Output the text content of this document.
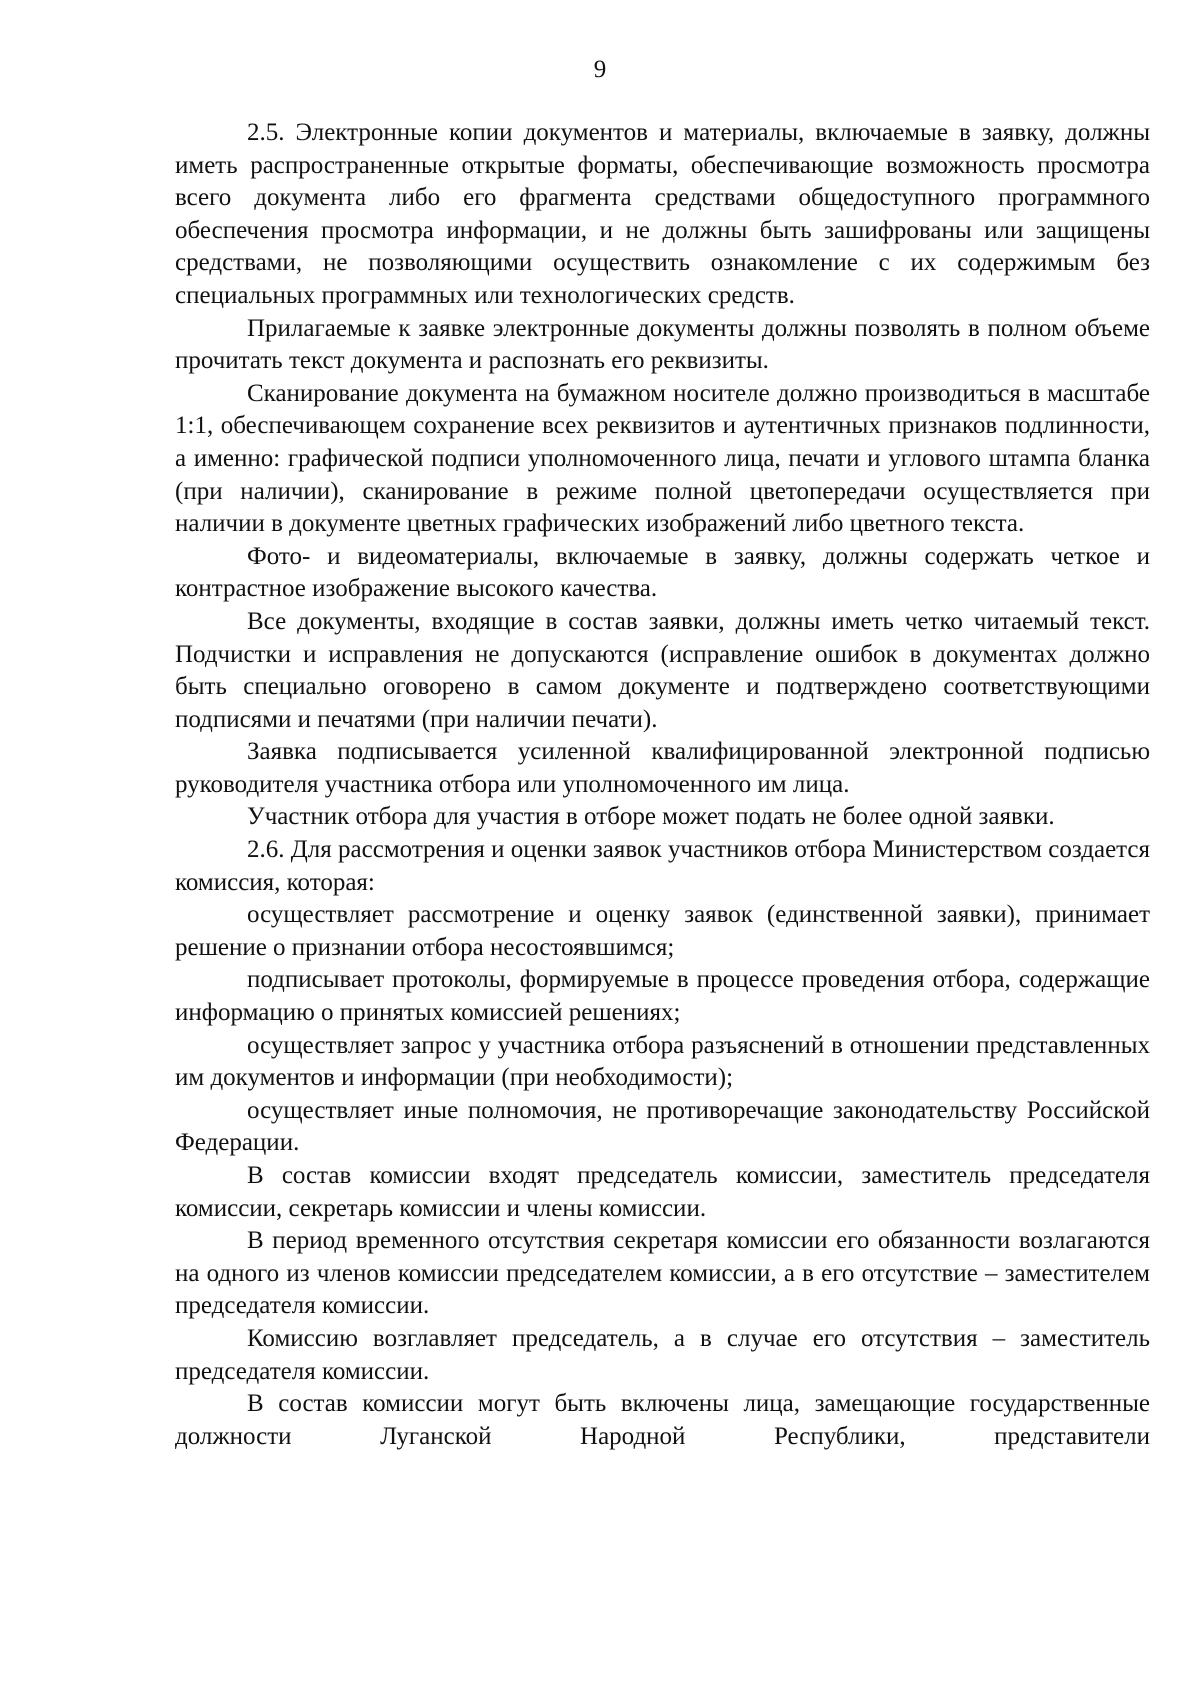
9

2.5. Электронные копии документов и материалы, включаемые в заявку, должны иметь распространенные открытые форматы, обеспечивающие возможность просмотра всего документа либо его фрагмента средствами общедоступного программного обеспечения просмотра информации, и не должны быть зашифрованы или защищены средствами, не позволяющими осуществить ознакомление с их содержимым без специальных программных или технологических средств.

Прилагаемые к заявке электронные документы должны позволять в полном объеме прочитать текст документа и распознать его реквизиты.

Сканирование документа на бумажном носителе должно производиться в масштабе 1:1, обеспечивающем сохранение всех реквизитов и аутентичных признаков подлинности, а именно: графической подписи уполномоченного лица, печати и углового штампа бланка (при наличии), сканирование в режиме полной цветопередачи осуществляется при наличии в документе цветных графических изображений либо цветного текста.

Фото- и видеоматериалы, включаемые в заявку, должны содержать четкое и контрастное изображение высокого качества.

Все документы, входящие в состав заявки, должны иметь четко читаемый текст. Подчистки и исправления не допускаются (исправление ошибок в документах должно быть специально оговорено в самом документе и подтверждено соответствующими подписями и печатями (при наличии печати).

Заявка подписывается усиленной квалифицированной электронной подписью руководителя участника отбора или уполномоченного им лица.

Участник отбора для участия в отборе может подать не более одной заявки.

2.6. Для рассмотрения и оценки заявок участников отбора Министерством создается комиссия, которая:

осуществляет рассмотрение и оценку заявок (единственной заявки), принимает решение о признании отбора несостоявшимся;

подписывает протоколы, формируемые в процессе проведения отбора, содержащие информацию о принятых комиссией решениях;

осуществляет запрос у участника отбора разъяснений в отношении представленных им документов и информации (при необходимости);

осуществляет иные полномочия, не противоречащие законодательству Российской Федерации.

В состав комиссии входят председатель комиссии, заместитель председателя комиссии, секретарь комиссии и члены комиссии.

В период временного отсутствия секретаря комиссии его обязанности возлагаются на одного из членов комиссии председателем комиссии, а в его отсутствие – заместителем председателя комиссии.

Комиссию возглавляет председатель, а в случае его отсутствия – заместитель председателя комиссии.

В состав комиссии могут быть включены лица, замещающие государственные должности Луганской Народной Республики, представители
